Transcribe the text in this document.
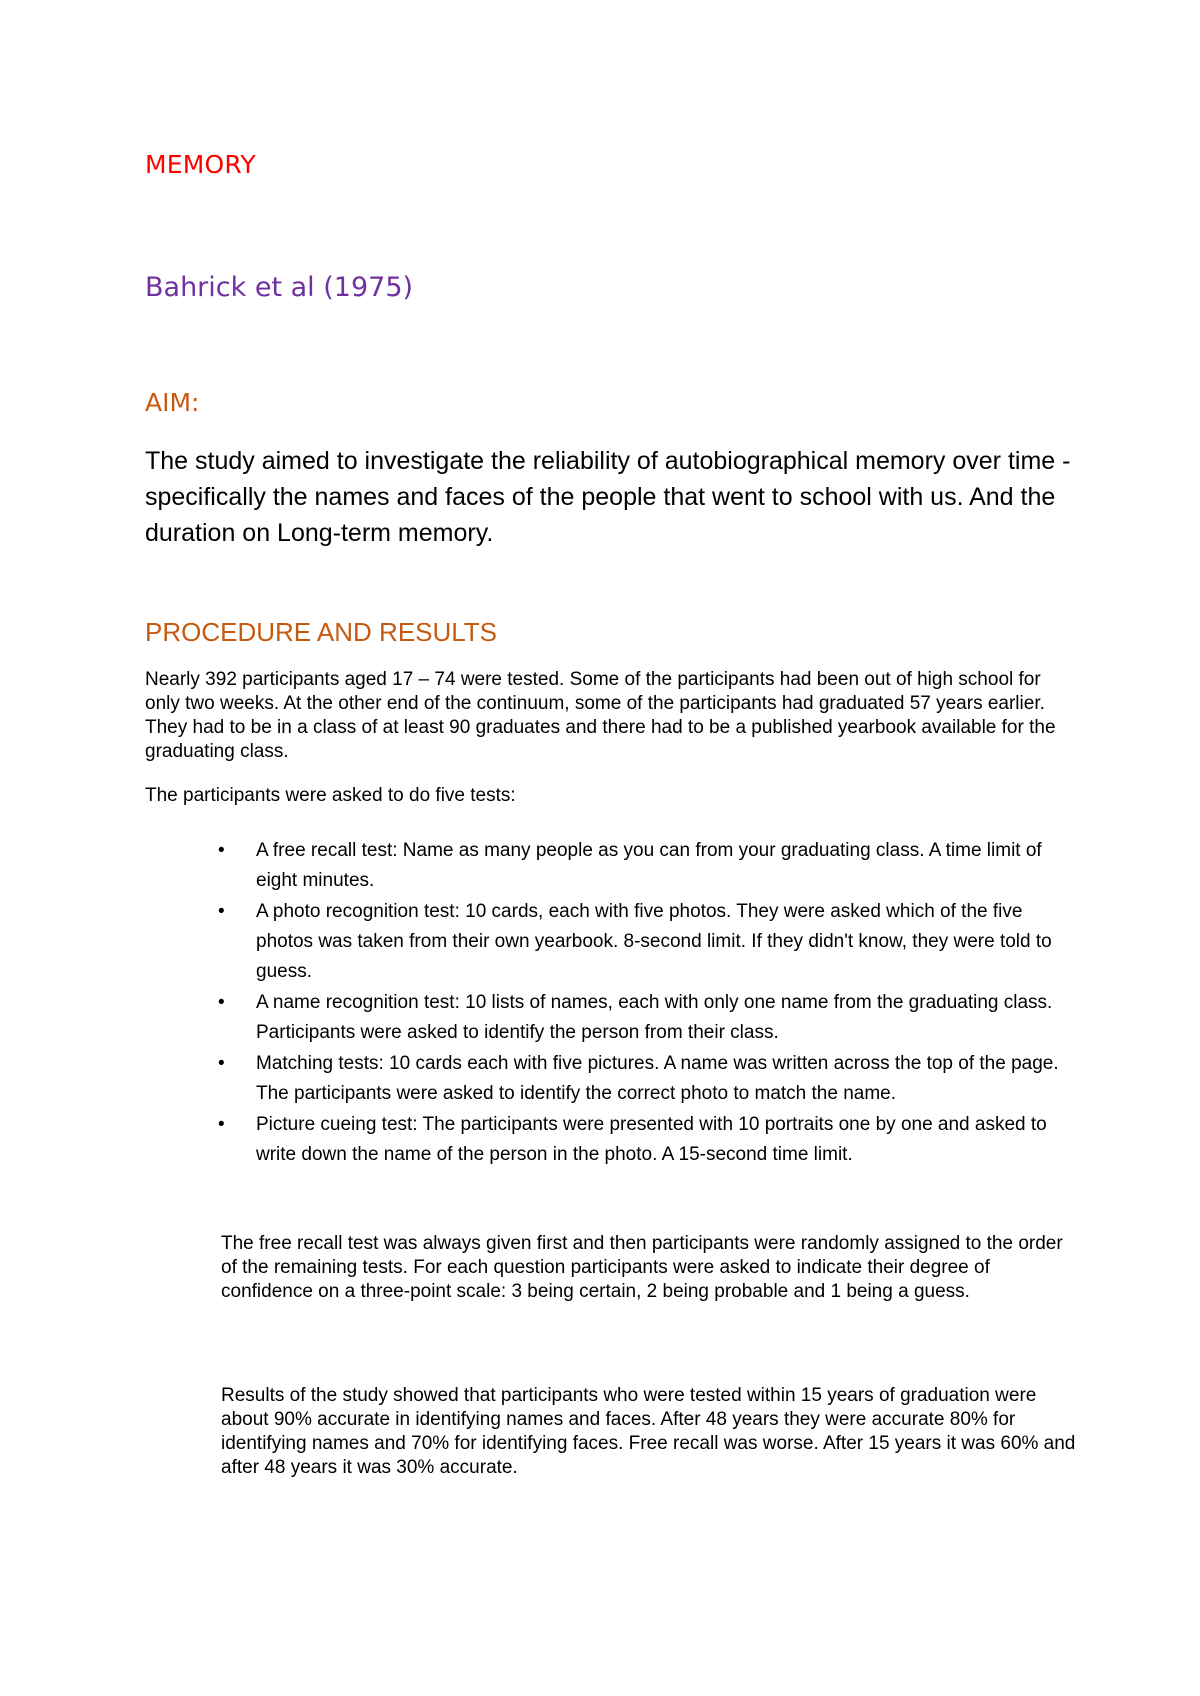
MEMORY
Bahrick et al (1975)
AIM:
The study aimed to investigate the reliability of autobiographical memory over time - specifically the names and faces of the people that went to school with us. And the duration on Long-term memory.
PROCEDURE AND RESULTS
Nearly 392 participants aged 17 – 74 were tested. Some of the participants had been out of high school for only two weeks. At the other end of the continuum, some of the participants had graduated 57 years earlier. They had to be in a class of at least 90 graduates and there had to be a published yearbook available for the graduating class.
The participants were asked to do five tests:
•	A free recall test: Name as many people as you can from your graduating class. A time limit of eight minutes.
•	A photo recognition test: 10 cards, each with five photos. They were asked which of the five photos was taken from their own yearbook. 8-second limit. If they didn't know, they were told to guess.
•	A name recognition test: 10 lists of names, each with only one name from the graduating class. Participants were asked to identify the person from their class.
•	Matching tests: 10 cards each with five pictures. A name was written across the top of the page. The participants were asked to identify the correct photo to match the name.
•	Picture cueing test: The participants were presented with 10 portraits one by one and asked to write down the name of the person in the photo. A 15-second time limit.
The free recall test was always given first and then participants were randomly assigned to the order of the remaining tests. For each question participants were asked to indicate their degree of confidence on a three-point scale: 3 being certain, 2 being probable and 1 being a guess.
Results of the study showed that participants who were tested within 15 years of graduation were about 90% accurate in identifying names and faces. After 48 years they were accurate 80% for identifying names and 70% for identifying faces. Free recall was worse. After 15 years it was 60% and after 48 years it was 30% accurate.
